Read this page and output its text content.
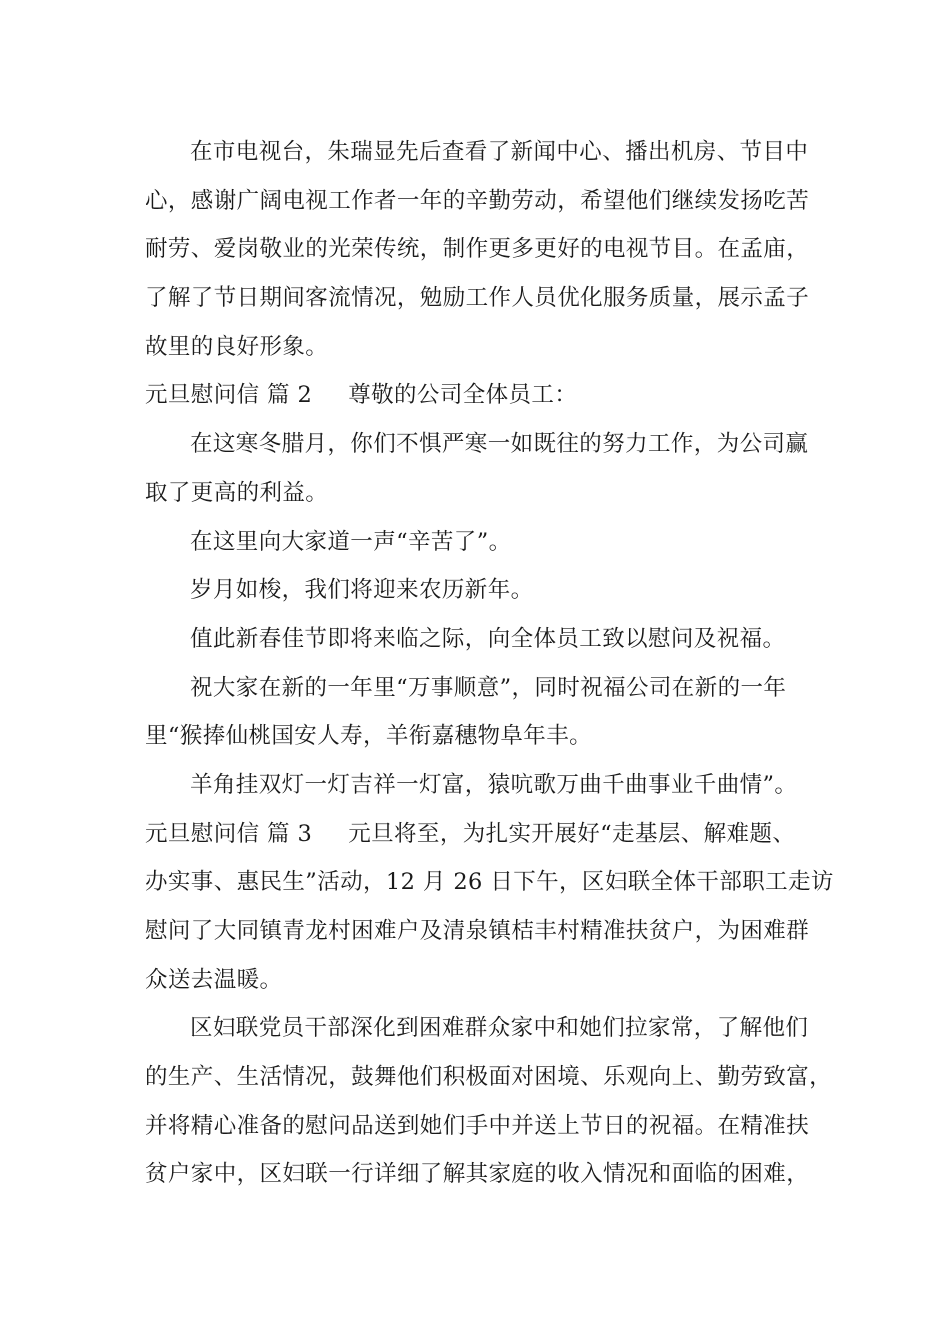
在市电视台，朱瑞显先后查看了新闻中心、播出机房、节目中
心，感谢广阔电视工作者一年的辛勤劳动，希望他们继续发扬吃苦
耐劳、爱岗敬业的光荣传统，制作更多更好的电视节目。在孟庙，
了解了节日期间客流情况，勉励工作人员优化服务质量，展示孟子
故里的良好形象。
元旦慰问信 篇 2 尊敬的公司全体员工：
在这寒冬腊月，你们不惧严寒一如既往的努力工作，为公司赢
取了更高的利益。
在这里向大家道一声“辛苦了”。
岁月如梭，我们将迎来农历新年。
值此新春佳节即将来临之际，向全体员工致以慰问及祝福。
祝大家在新的一年里“万事顺意”，同时祝福公司在新的一年
里“猴捧仙桃国安人寿，羊衔嘉穗物阜年丰。
羊角挂双灯一灯吉祥一灯富，猿吭歌万曲千曲事业千曲情”。
元旦慰问信 篇 3 元旦将至，为扎实开展好“走基层、解难题、
办实事、惠民生”活动，12 月 26 日下午，区妇联全体干部职工走访
慰问了大同镇青龙村困难户及清泉镇桔丰村精准扶贫户，为困难群
众送去温暖。
区妇联党员干部深化到困难群众家中和她们拉家常，了解他们
的生产、生活情况，鼓舞他们积极面对困境、乐观向上、勤劳致富，
并将精心准备的慰问品送到她们手中并送上节日的祝福。在精准扶
贫户家中，区妇联一行详细了解其家庭的收入情况和面临的困难，
